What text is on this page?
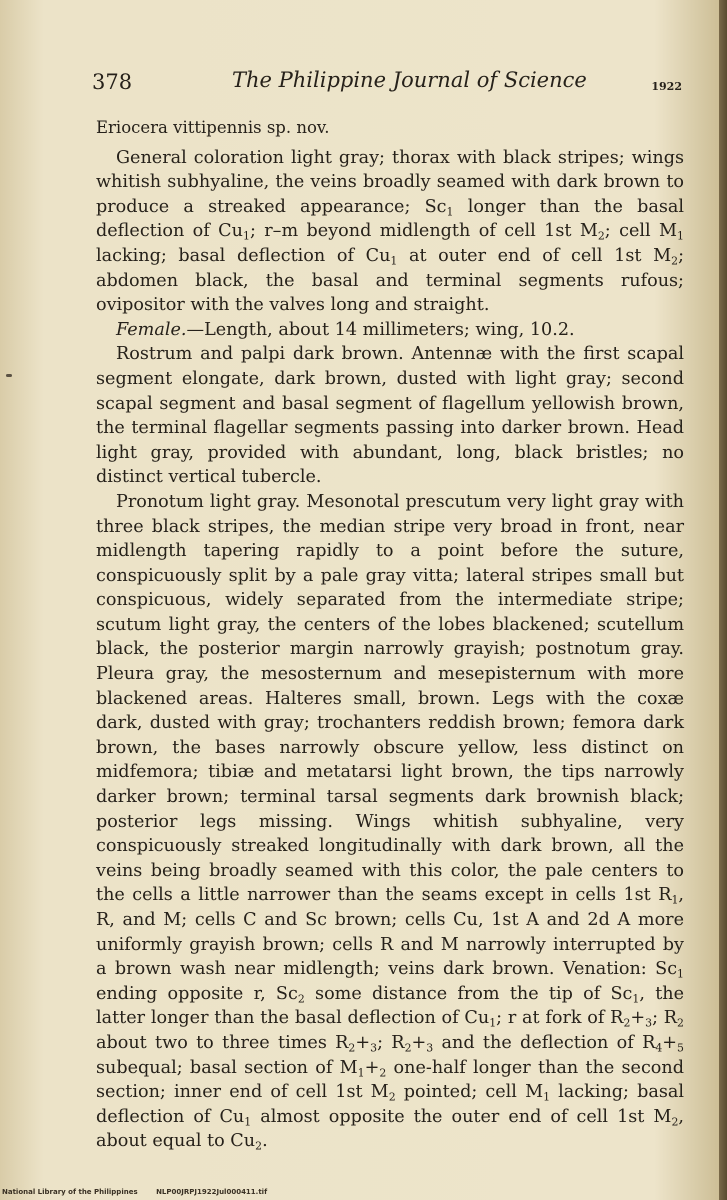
378	The Philippine Journal of Science	1922

Eriocera vittipennis sp. nov.

General coloration light gray; thorax with black stripes; wings whitish subhyaline, the veins broadly seamed with dark brown to produce a streaked appearance; $Sc_1$ longer than the basal deflection of $Cu_1$; r–m beyond midlength of cell 1st $M_2$; cell $M_1$ lacking; basal deflection of $Cu_1$ at outer end of cell 1st $M_2$; abdomen black, the basal and terminal segments rufous; ovipositor with the valves long and straight.

Female.—Length, about 14 millimeters; wing, 10.2.

Rostrum and palpi dark brown. Antennæ with the first scapal segment elongate, dark brown, dusted with light gray; second scapal segment and basal segment of flagellum yellowish brown, the terminal flagellar segments passing into darker brown. Head light gray, provided with abundant, long, black bristles; no distinct vertical tubercle.

Pronotum light gray. Mesonotal prescutum very light gray with three black stripes, the median stripe very broad in front, near midlength tapering rapidly to a point before the suture, conspicuously split by a pale gray vitta; lateral stripes small but conspicuous, widely separated from the intermediate stripe; scutum light gray, the centers of the lobes blackened; scutellum black, the posterior margin narrowly grayish; postnotum gray. Pleura gray, the mesosternum and mesepisternum with more blackened areas. Halteres small, brown. Legs with the coxæ dark, dusted with gray; trochanters reddish brown; femora dark brown, the bases narrowly obscure yellow, less distinct on midfemora; tibiæ and metatarsi light brown, the tips narrowly darker brown; terminal tarsal segments dark brownish black; posterior legs missing. Wings whitish subhyaline, very conspicuously streaked longitudinally with dark brown, all the veins being broadly seamed with this color, the pale centers to the cells a little narrower than the seams except in cells 1st $R_1$, R, and M; cells C and Sc brown; cells Cu, 1st A and 2d A more uniformly grayish brown; cells R and M narrowly interrupted by a brown wash near midlength; veins dark brown. Venation: $Sc_1$ ending opposite r, $Sc_2$ some distance from the tip of $Sc_1$, the latter longer than the basal deflection of $Cu_1$; r at fork of $R_2+_3$; $R_2$ about two to three times $R_2+_3$; $R_2+_3$ and the deflection of $R_4+_5$ subequal; basal section of $M_1+_2$ one-half longer than the second section; inner end of cell 1st $M_2$ pointed; cell $M_1$ lacking; basal deflection of $Cu_1$ almost opposite the outer end of cell 1st $M_2$, about equal to $Cu_2$.

National Library of the Philippines	NLP00JRPJ1922Jul000411.tif
